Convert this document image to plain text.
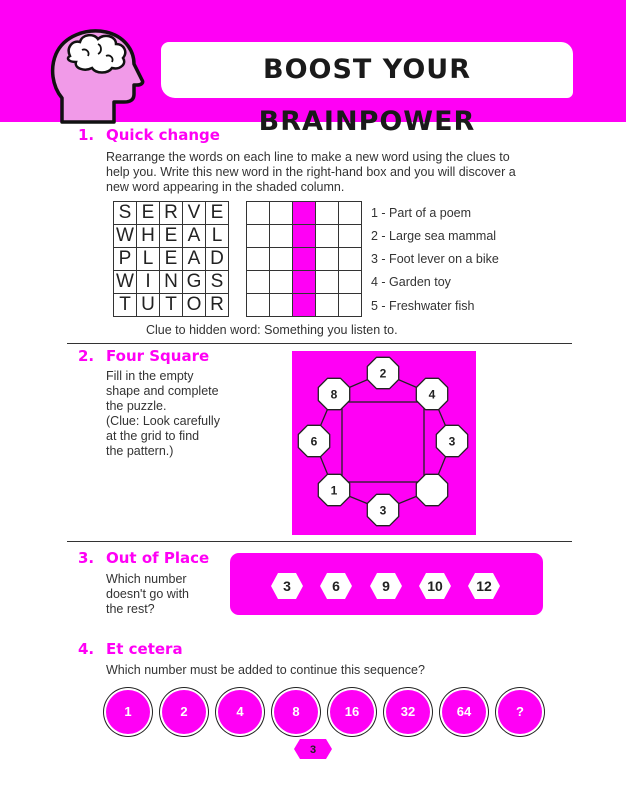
BOOST YOUR BRAINPOWER
1. Quick change
Rearrange the words on each line to make a new word using the clues to
help you. Write this new word in the right-hand box and you will discover a
new word appearing in the shaded column.
S	E	R	V	E
W	H	E	A	L
P	L	E	A	D
W	I	N	G	S
T	U	T	O	R

1 - Part of a poem
2 - Large sea mammal
3 - Foot lever on a bike
4 - Garden toy
5 - Freshwater fish
Clue to hidden word: Something you listen to.
2. Four Square
Fill in the empty
shape and complete
the puzzle.
(Clue: Look carefully
at the grid to find
the pattern.)
2
4
3
3
1
6
8
3. Out of Place
Which number
doesn't go with
the rest?
3	6	9	10	12
4. Et cetera
Which number must be added to continue this sequence?
1	2	4	8	16	32	64	?
3
